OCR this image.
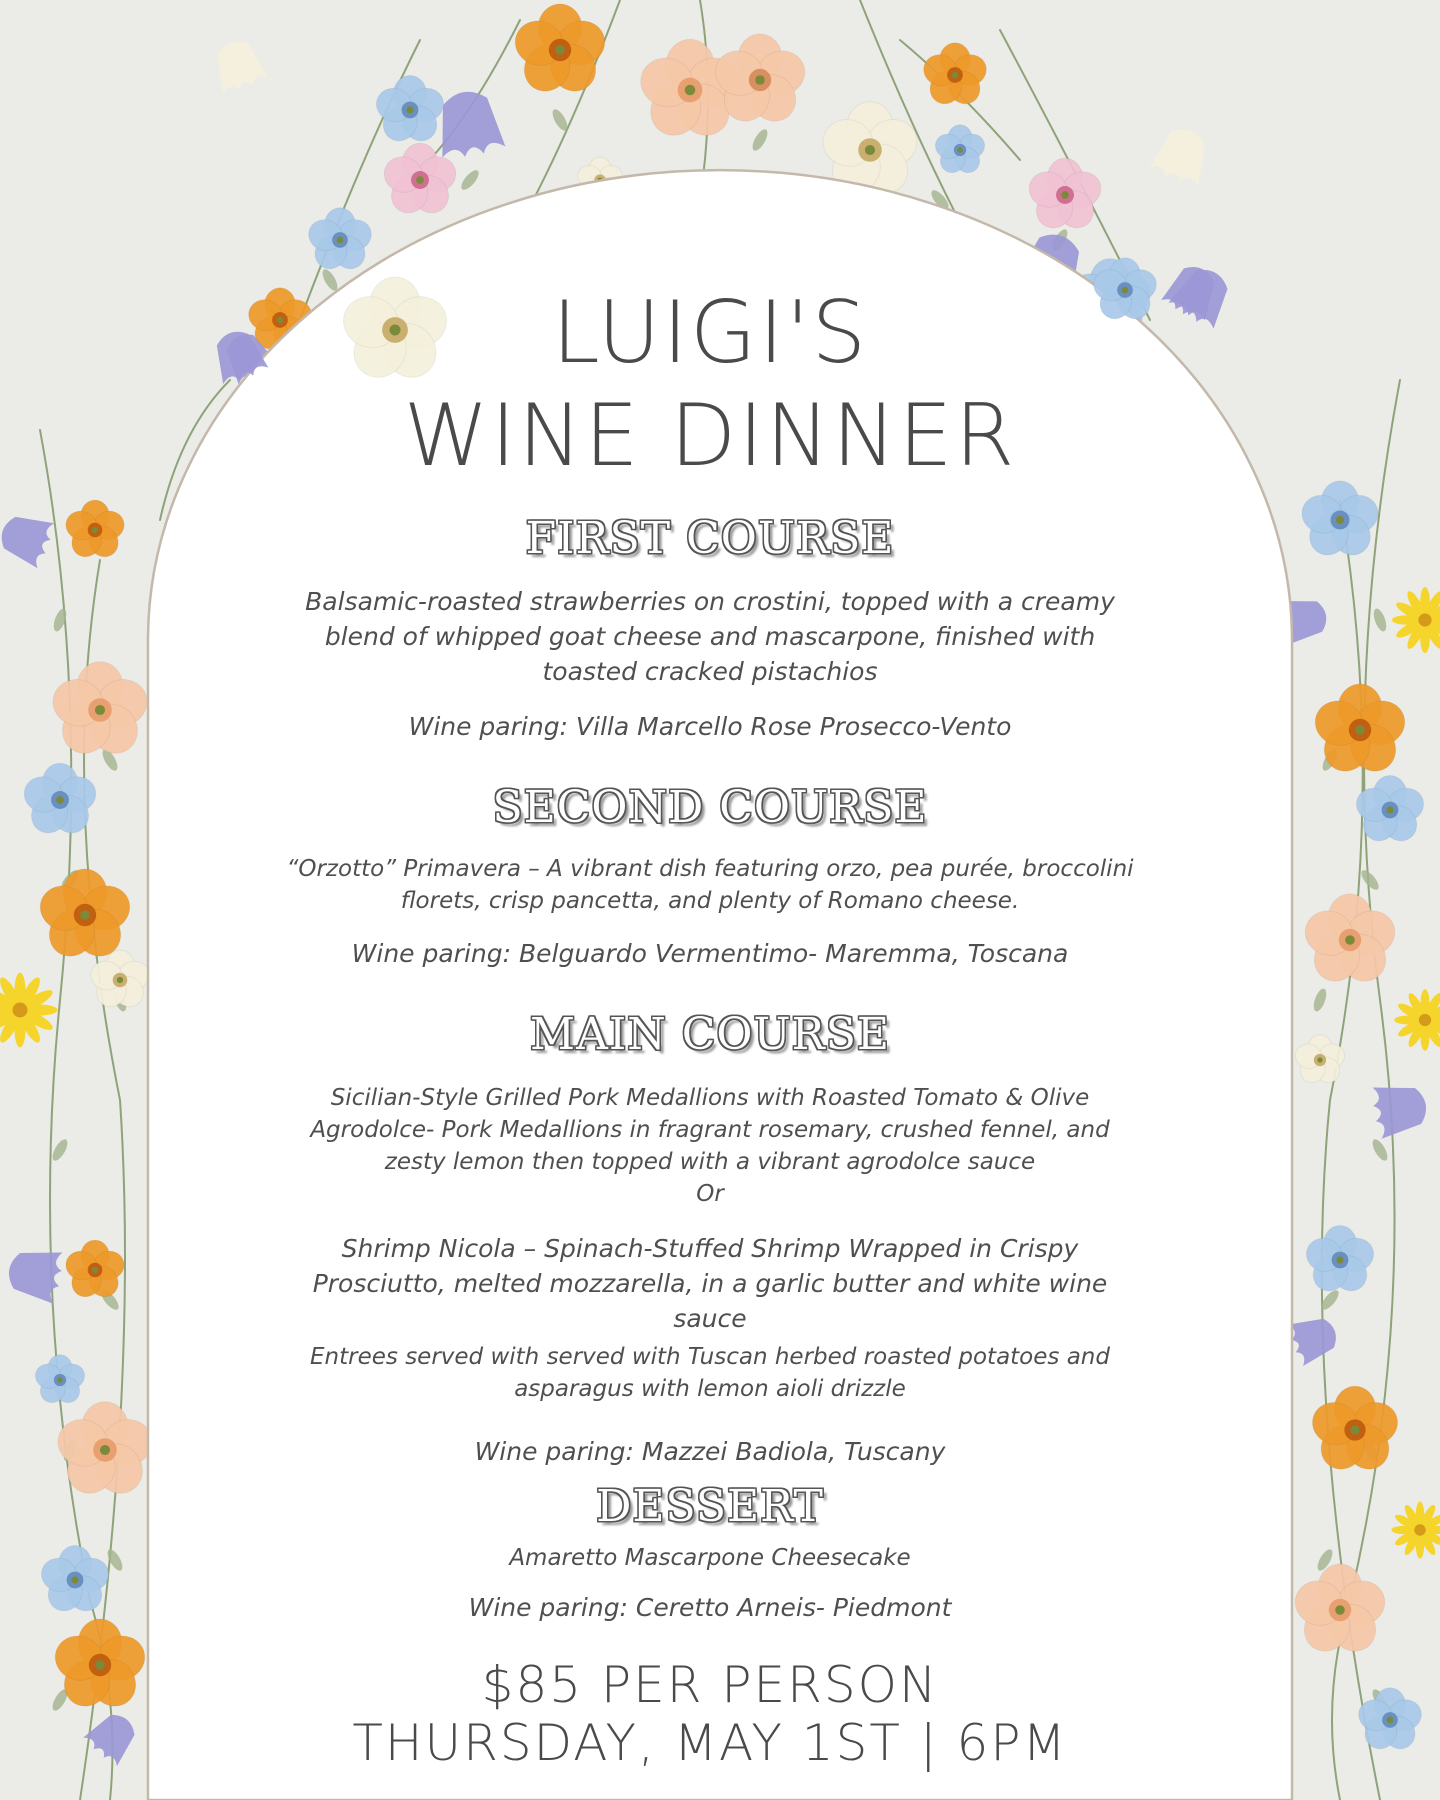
LUIGI'S
WINE DINNER
FIRST COURSE
Balsamic-roasted strawberries on crostini, topped with a creamy
blend of whipped goat cheese and mascarpone, finished with
toasted cracked pistachios
Wine paring: Villa Marcello Rose Prosecco-Vento
SECOND COURSE
“Orzotto” Primavera – A vibrant dish featuring orzo, pea purée, broccolini
florets, crisp pancetta, and plenty of Romano cheese.
Wine paring: Belguardo Vermentimo- Maremma, Toscana
MAIN COURSE
Sicilian-Style Grilled Pork Medallions with Roasted Tomato & Olive
Agrodolce- Pork Medallions in fragrant rosemary, crushed fennel, and
zesty lemon then topped with a vibrant agrodolce sauce
Or
Shrimp Nicola – Spinach-Stuffed Shrimp Wrapped in Crispy
Prosciutto, melted mozzarella, in a garlic butter and white wine
sauce
Entrees served with served with Tuscan herbed roasted potatoes and
asparagus with lemon aioli drizzle
Wine paring: Mazzei Badiola, Tuscany
DESSERT
Amaretto Mascarpone Cheesecake
Wine paring: Ceretto Arneis- Piedmont
$85 PER PERSON
THURSDAY, MAY 1ST | 6PM
